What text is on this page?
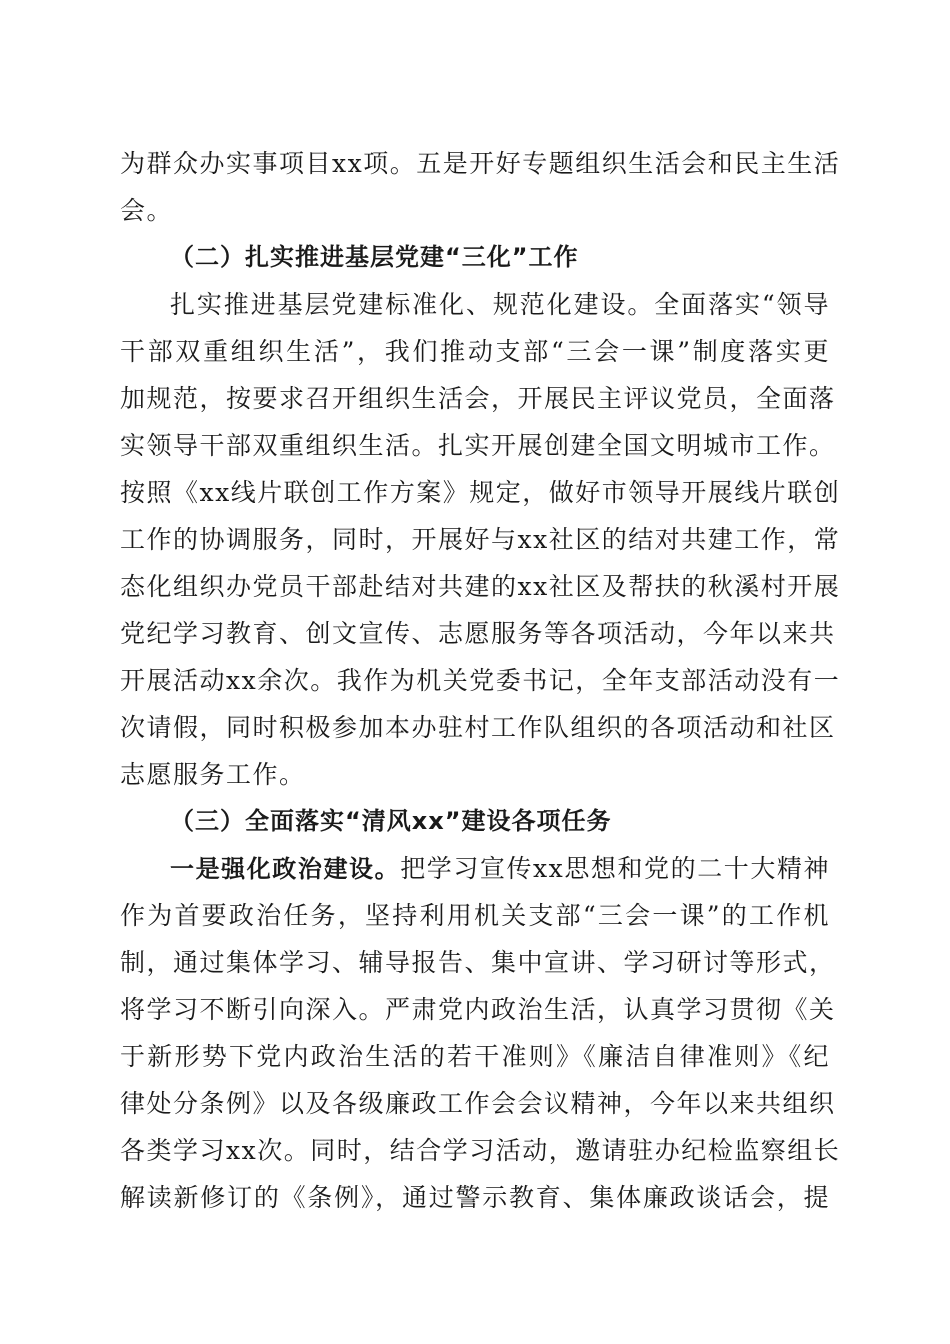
为群众办实事项目xx项。五是开好专题组织生活会和民主生活
会。
（二）扎实推进基层党建“三化”工作
扎实推进基层党建标准化、规范化建设。全面落实“领导
干部双重组织生活”，我们推动支部“三会一课”制度落实更
加规范，按要求召开组织生活会，开展民主评议党员，全面落
实领导干部双重组织生活。扎实开展创建全国文明城市工作。
按照《xx线片联创工作方案》规定，做好市领导开展线片联创
工作的协调服务，同时，开展好与xx社区的结对共建工作，常
态化组织办党员干部赴结对共建的xx社区及帮扶的秋溪村开展
党纪学习教育、创文宣传、志愿服务等各项活动，今年以来共
开展活动xx余次。我作为机关党委书记，全年支部活动没有一
次请假，同时积极参加本办驻村工作队组织的各项活动和社区
志愿服务工作。
（三）全面落实“清风xx”建设各项任务
一是强化政治建设。把学习宣传xx思想和党的二十大精神
作为首要政治任务，坚持利用机关支部“三会一课”的工作机
制，通过集体学习、辅导报告、集中宣讲、学习研讨等形式，
将学习不断引向深入。严肃党内政治生活，认真学习贯彻《关
于新形势下党内政治生活的若干准则》《廉洁自律准则》《纪
律处分条例》以及各级廉政工作会会议精神，今年以来共组织
各类学习xx次。同时，结合学习活动，邀请驻办纪检监察组长
解读新修订的《条例》，通过警示教育、集体廉政谈话会，提
